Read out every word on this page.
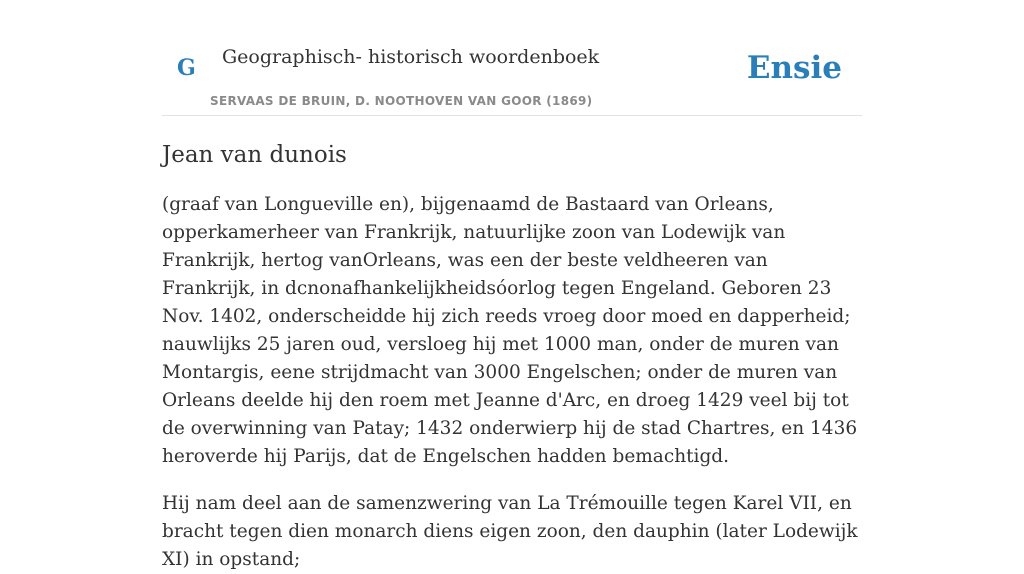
G Geographisch- historisch woordenboek
SERVAAS DE BRUIN, D. NOOTHOVEN VAN GOOR (1869)
Ensie
Jean van dunois

(graaf van Longueville en), bijgenaamd de Bastaard van Orleans, opperkamerheer van Frankrijk, natuurlijke zoon van Lodewijk van Frankrijk, hertog vanOrleans, was een der beste veldheeren van Frankrijk, in dcnonafhankelijkheidsóorlog tegen Engeland. Geboren 23 Nov. 1402, onderscheidde hij zich reeds vroeg door moed en dapperheid; nauwlijks 25 jaren oud, versloeg hij met 1000 man, onder de muren van Montargis, eene strijdmacht van 3000 Engelschen; onder de muren van Orleans deelde hij den roem met Jeanne d'Arc, en droeg 1429 veel bij tot de overwinning van Patay; 1432 onderwierp hij de stad Chartres, en 1436 heroverde hij Parijs, dat de Engelschen hadden bemachtigd.

Hij nam deel aan de samenzwering van La Trémouille tegen Karel VII, en bracht tegen dien monarch diens eigen zoon, den dauphin (later Lodewijk XI) in opstand;
